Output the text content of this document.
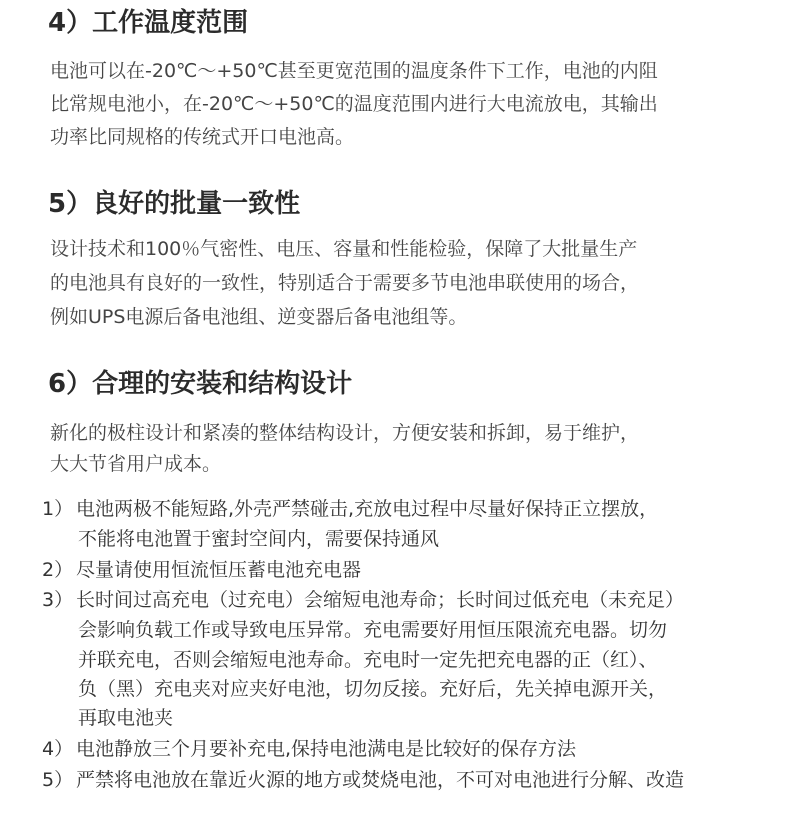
4）工作温度范围
电池可以在-20℃～+50℃甚至更宽范围的温度条件下工作，电池的内阻
比常规电池小，在-20℃～+50℃的温度范围内进行大电流放电，其输出
功率比同规格的传统式开口电池高。
5）良好的批量一致性
设计技术和100％气密性、电压、容量和性能检验，保障了大批量生产
的电池具有良好的一致性，特别适合于需要多节电池串联使用的场合，
例如UPS电源后备电池组、逆变器后备电池组等。
6）合理的安装和结构设计
新化的极柱设计和紧凑的整体结构设计，方便安装和拆卸，易于维护，
大大节省用户成本。
1） 电池两极不能短路,外壳严禁碰击,充放电过程中尽量好保持正立摆放，
不能将电池置于蜜封空间内，需要保持通风
2） 尽量请使用恒流恒压蓄电池充电器
3） 长时间过高充电（过充电）会缩短电池寿命；长时间过低充电（未充足）
会影响负载工作或导致电压异常。充电需要好用恒压限流充电器。切勿
并联充电，否则会缩短电池寿命。充电时一定先把充电器的正（红）、
负（黑）充电夹对应夹好电池，切勿反接。充好后，先关掉电源开关，
再取电池夹
4） 电池静放三个月要补充电,保持电池满电是比较好的保存方法
5） 严禁将电池放在靠近火源的地方或焚烧电池，不可对电池进行分解、改造
